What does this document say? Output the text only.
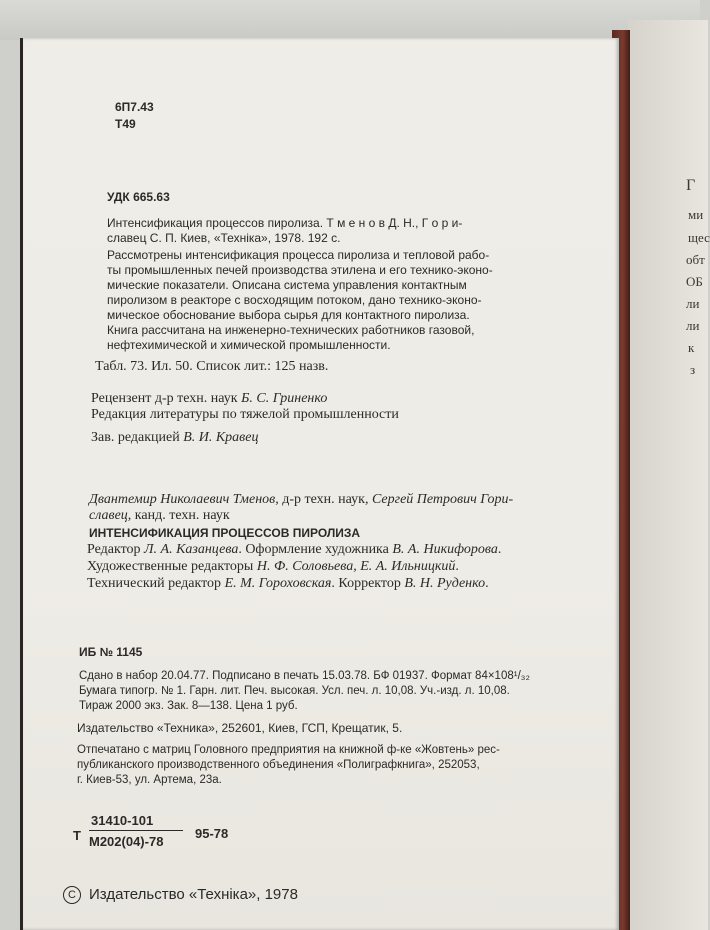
Г
ми
щес
обт
ОБ
ли
ли
к
з
6П7.43
Т49
УДК 665.63
Интенсификация процессов пиролиза. Т м е н о в Д. Н., Г о р и-
славец С. П. Киев, «Техніка», 1978. 192 с.
Рассмотрены интенсификация процесса пиролиза и тепловой рабо-
ты промышленных печей производства этилена и его технико-эконо-
мические показатели. Описана система управления контактным
пиролизом в реакторе с восходящим потоком, дано технико-эконо-
мическое обоснование выбора сырья для контактного пиролиза.
Книга рассчитана на инженерно-технических работников газовой,
нефтехимической и химической промышленности.
Табл. 73. Ил. 50. Список лит.: 125 назв.
Рецензент д-р техн. наук Б. С. Гриненко
Редакция литературы по тяжелой промышленности
Зав. редакцией В. И. Кравец
Двантемир Николаевич Тменов, д-р техн. наук, Сергей Петрович Гори-
славец, канд. техн. наук
ИНТЕНСИФИКАЦИЯ ПРОЦЕССОВ ПИРОЛИЗА
Редактор Л. А. Казанцева. Оформление художника В. А. Никифорова.
Художественные редакторы Н. Ф. Соловьева, Е. А. Ильницкий.
Технический редактор Е. М. Гороховская. Корректор В. Н. Руденко.
ИБ № 1145
Сдано в набор 20.04.77. Подписано в печать 15.03.78. БФ 01937. Формат 84×108¹/₃₂
Бумага типогр. № 1. Гарн. лит. Печ. высокая. Усл. печ. л. 10,08. Уч.-изд. л. 10,08.
Тираж 2000 экз. Зак. 8—138. Цена 1 руб.
Издательство «Техника», 252601, Киев, ГСП, Крещатик, 5.
Отпечатано с матриц Головного предприятия на книжной ф-ке «Жовтень» рес-
публиканского производственного объединения «Полиграфкнига», 252053,
г. Киев-53, ул. Артема, 23а.
Т
31410-101
М202(04)-78
95-78
С Издательство «Техніка», 1978
